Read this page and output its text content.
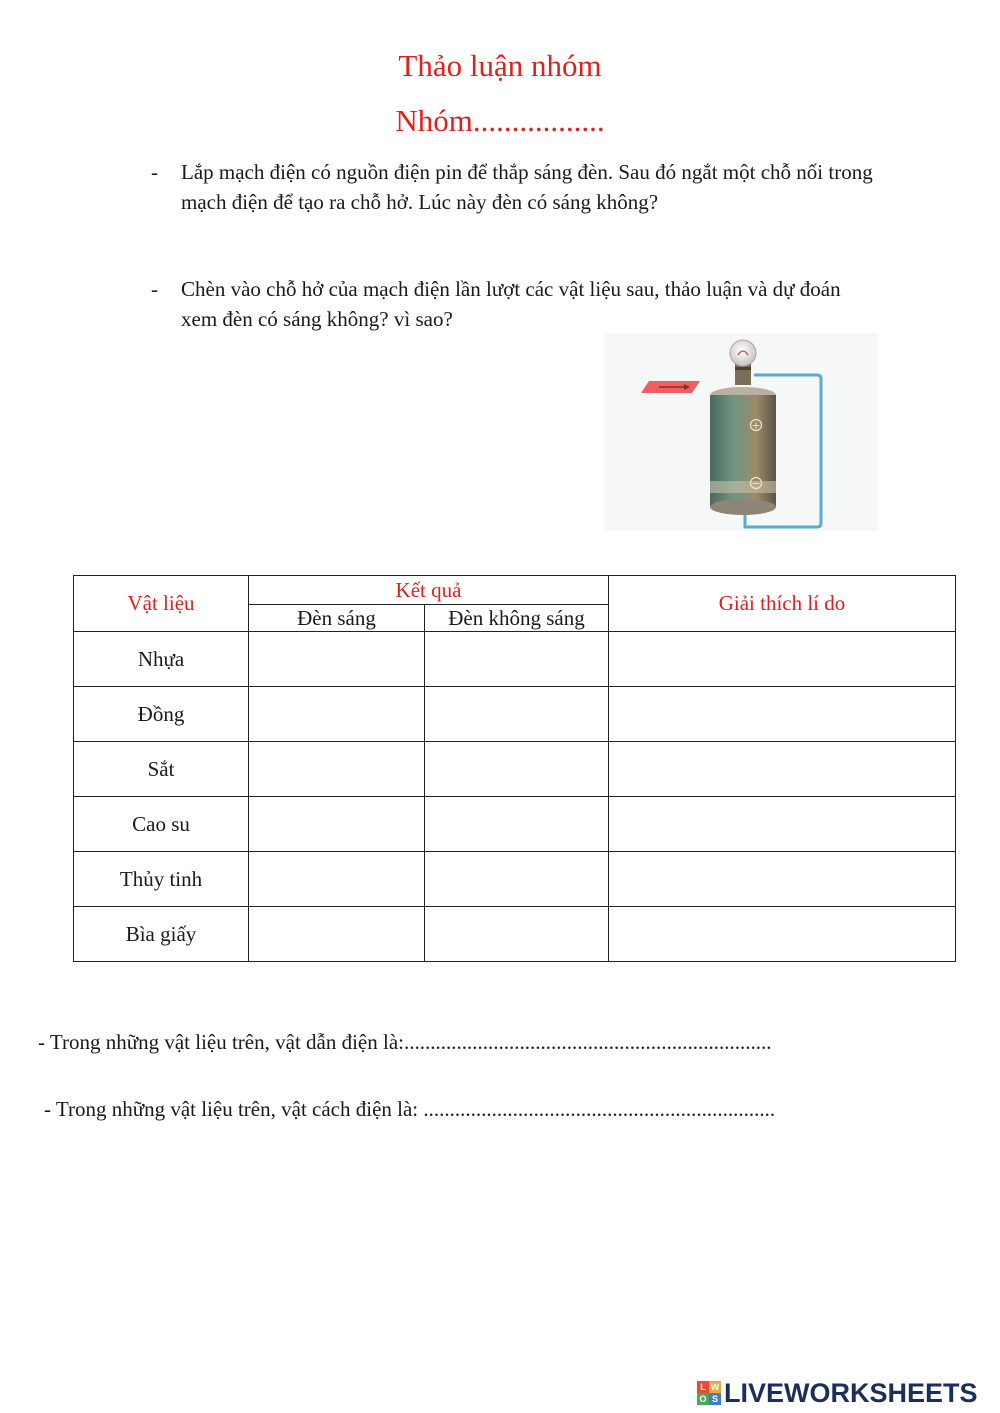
Thảo luận nhóm
Nhóm.................
- Lắp mạch điện có nguồn điện pin để thắp sáng đèn. Sau đó ngắt một chỗ nối trong mạch điện để tạo ra chỗ hở. Lúc này đèn có sáng không?
- Chèn vào chỗ hở của mạch điện lần lượt các vật liệu sau, thảo luận và dự đoán xem đèn có sáng không? vì sao?
+
−
Vật liệu	Kết quả		Giải thích lí do
	Đèn sáng	Đèn không sáng	
Nhựa			
Đồng			
Sắt			
Cao su			
Thủy tinh			
Bìa giấy			
- Trong những vật liệu trên, vật dẫn điện là:......................................................................
- Trong những vật liệu trên, vật cách điện là: ...................................................................
L W
O S LIVEWORKSHEETS
